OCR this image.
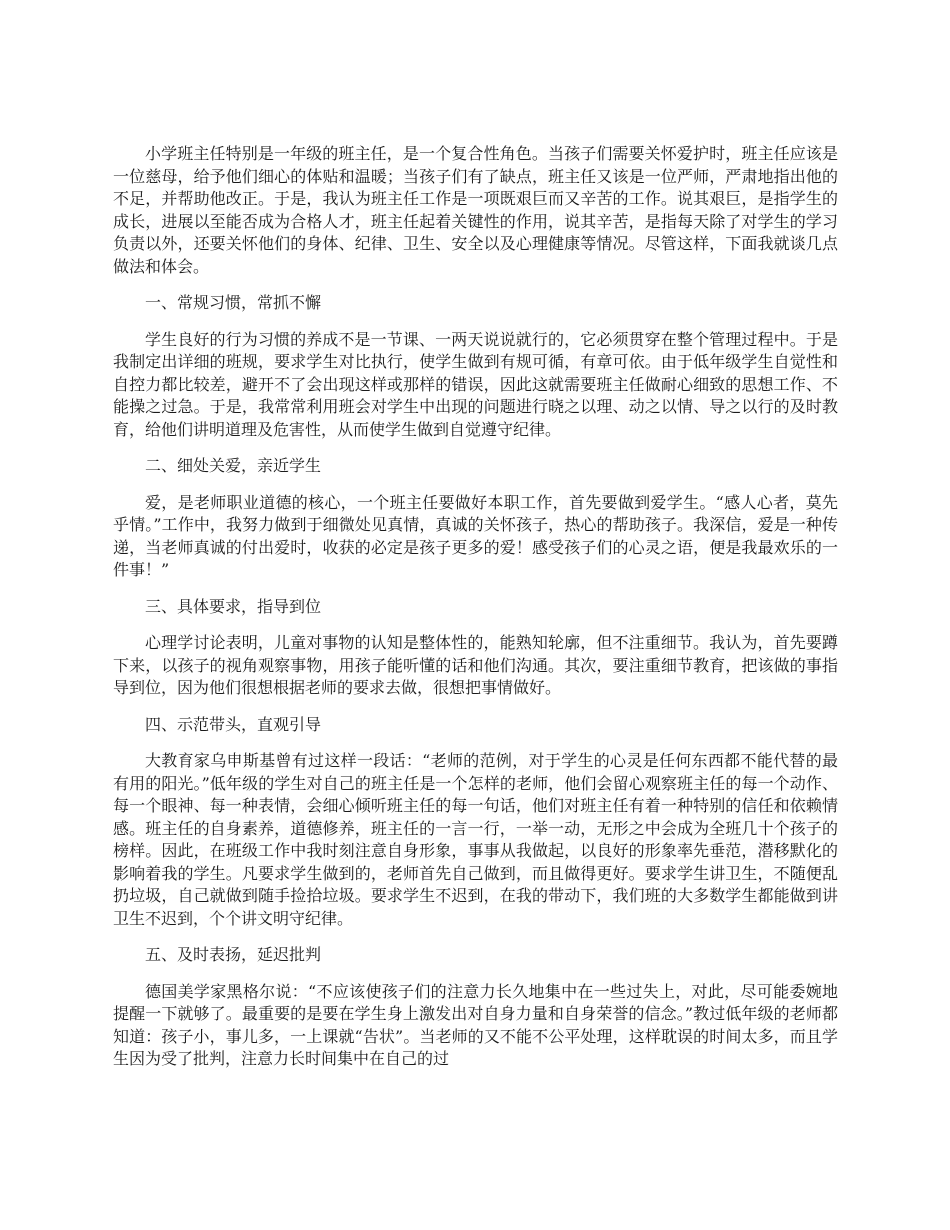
小学班主任特别是一年级的班主任，是一个复合性角色。当孩子们需要关怀爱护时，班主任应该是一位慈母，给予他们细心的体贴和温暖；当孩子们有了缺点，班主任又该是一位严师，严肃地指出他的不足，并帮助他改正。于是，我认为班主任工作是一项既艰巨而又辛苦的工作。说其艰巨，是指学生的成长，进展以至能否成为合格人才，班主任起着关键性的作用，说其辛苦，是指每天除了对学生的学习负责以外，还要关怀他们的身体、纪律、卫生、安全以及心理健康等情况。尽管这样，下面我就谈几点做法和体会。

一、常规习惯，常抓不懈

学生良好的行为习惯的养成不是一节课、一两天说说就行的，它必须贯穿在整个管理过程中。于是我制定出详细的班规，要求学生对比执行，使学生做到有规可循，有章可依。由于低年级学生自觉性和自控力都比较差，避开不了会出现这样或那样的错误，因此这就需要班主任做耐心细致的思想工作、不能操之过急。于是，我常常利用班会对学生中出现的问题进行晓之以理、动之以情、导之以行的及时教育，给他们讲明道理及危害性，从而使学生做到自觉遵守纪律。

二、细处关爱，亲近学生

爱，是老师职业道德的核心，一个班主任要做好本职工作，首先要做到爱学生。“感人心者，莫先乎情。”工作中，我努力做到于细微处见真情，真诚的关怀孩子，热心的帮助孩子。我深信，爱是一种传递，当老师真诚的付出爱时，收获的必定是孩子更多的爱！感受孩子们的心灵之语，便是我最欢乐的一件事！”

三、具体要求，指导到位

心理学讨论表明，儿童对事物的认知是整体性的，能熟知轮廓，但不注重细节。我认为，首先要蹲下来，以孩子的视角观察事物，用孩子能听懂的话和他们沟通。其次，要注重细节教育，把该做的事指导到位，因为他们很想根据老师的要求去做，很想把事情做好。

四、示范带头，直观引导

大教育家乌申斯基曾有过这样一段话：“老师的范例，对于学生的心灵是任何东西都不能代替的最有用的阳光。”低年级的学生对自己的班主任是一个怎样的老师，他们会留心观察班主任的每一个动作、每一个眼神、每一种表情，会细心倾听班主任的每一句话，他们对班主任有着一种特别的信任和依赖情感。班主任的自身素养，道德修养，班主任的一言一行，一举一动，无形之中会成为全班几十个孩子的榜样。因此，在班级工作中我时刻注意自身形象，事事从我做起，以良好的形象率先垂范，潜移默化的影响着我的学生。凡要求学生做到的，老师首先自己做到，而且做得更好。要求学生讲卫生，不随便乱扔垃圾，自己就做到随手捡拾垃圾。要求学生不迟到，在我的带动下，我们班的大多数学生都能做到讲卫生不迟到，个个讲文明守纪律。

五、及时表扬，延迟批判

德国美学家黑格尔说：“不应该使孩子们的注意力长久地集中在一些过失上，对此，尽可能委婉地提醒一下就够了。最重要的是要在学生身上激发出对自身力量和自身荣誉的信念。”教过低年级的老师都知道：孩子小，事儿多，一上课就“告状”。当老师的又不能不公平处理，这样耽误的时间太多，而且学生因为受了批判，注意力长时间集中在自己的过
